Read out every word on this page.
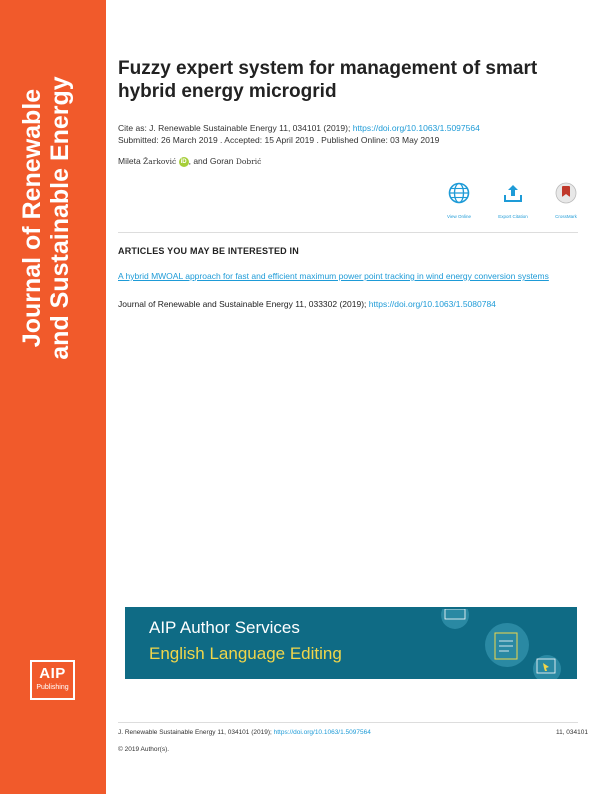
Journal of Renewable and Sustainable Energy
AIP
Publishing
Fuzzy expert system for management of smart hybrid energy microgrid
Cite as: J. Renewable Sustainable Energy 11, 034101 (2019); https://doi.org/10.1063/1.5097564
Submitted: 26 March 2019 . Accepted: 15 April 2019 . Published Online: 03 May 2019
Mileta Žarković iD , and Goran Dobrić
View Online	Export Citation	CrossMark
ARTICLES YOU MAY BE INTERESTED IN
A hybrid MWOAL approach for fast and efficient maximum power point tracking in wind energy conversion systems
Journal of Renewable and Sustainable Energy 11, 033302 (2019); https://doi.org/10.1063/1.5080784
AIP Author Services
English Language Editing
J. Renewable Sustainable Energy 11, 034101 (2019); https://doi.org/10.1063/1.5097564	11, 034101
© 2019 Author(s).
